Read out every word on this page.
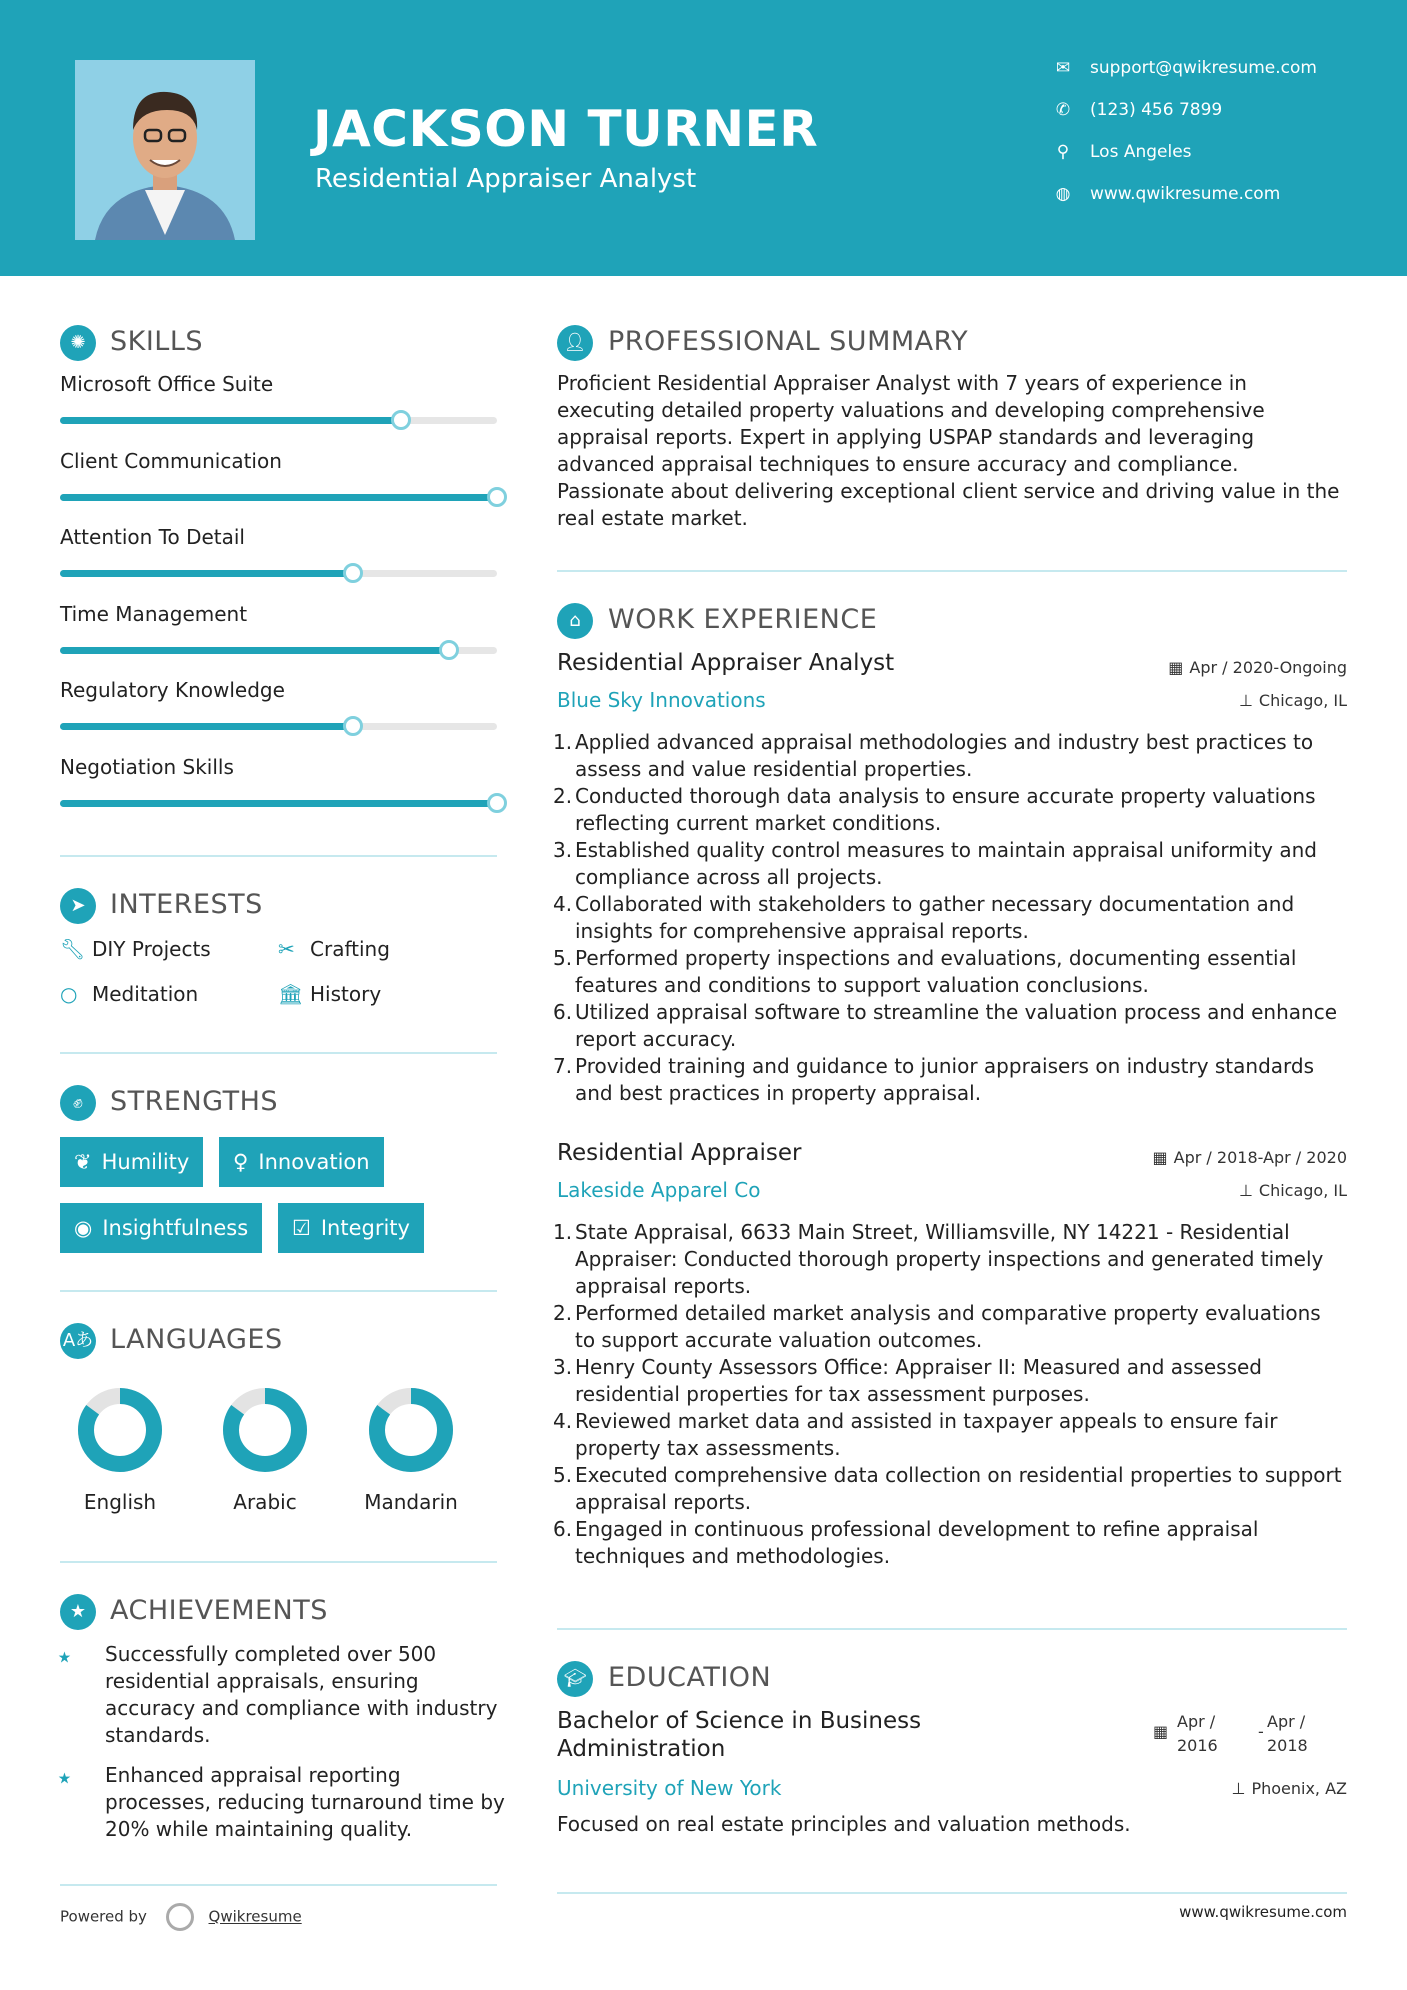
JACKSON TURNER
Residential Appraiser Analyst
✉ support@qwikresume.com
✆ (123) 456 7899
⚲ Los Angeles
◍ www.qwikresume.com
✺ SKILLS
Microsoft Office Suite
Client Communication
Attention To Detail
Time Management
Regulatory Knowledge
Negotiation Skills
➤ INTERESTS
🔧︎ DIY Projects	✂ Crafting
○ Meditation	🏛︎ History
✊︎	STRENGTHS
❦ Humility	♀ Innovation
◉ Insightfulness	☑ Integrity
Aあ LANGUAGES
English	Arabic	Mandarin
★ ACHIEVEMENTS
⭑ Successfully completed over 500 residential appraisals, ensuring accuracy and compliance with industry standards.
⭑ Enhanced appraisal reporting processes, reducing turnaround time by 20% while maintaining quality.
👤︎ PROFESSIONAL SUMMARY
Proficient Residential Appraiser Analyst with 7 years of experience in executing detailed property valuations and developing comprehensive appraisal reports. Expert in applying USPAP standards and leveraging advanced appraisal techniques to ensure accuracy and compliance. Passionate about delivering exceptional client service and driving value in the real estate market.
⌂	WORK EXPERIENCE
Residential Appraiser Analyst
Blue Sky Innovations
▦ Apr / 2020-Ongoing
⊥ Chicago, IL
1. Applied advanced appraisal methodologies and industry best practices to assess and value residential properties.
2. Conducted thorough data analysis to ensure accurate property valuations reflecting current market conditions.
3. Established quality control measures to maintain appraisal uniformity and compliance across all projects.
4. Collaborated with stakeholders to gather necessary documentation and insights for comprehensive appraisal reports.
5. Performed property inspections and evaluations, documenting essential features and conditions to support valuation conclusions.
6. Utilized appraisal software to streamline the valuation process and enhance report accuracy.
7. Provided training and guidance to junior appraisers on industry standards and best practices in property appraisal.
Residential Appraiser
Lakeside Apparel Co
▦ Apr / 2018-Apr / 2020
⊥ Chicago, IL
1. State Appraisal, 6633 Main Street, Williamsville, NY 14221 - Residential Appraiser: Conducted thorough property inspections and generated timely appraisal reports.
2. Performed detailed market analysis and comparative property evaluations to support accurate valuation outcomes.
3. Henry County Assessors Office: Appraiser II: Measured and assessed residential properties for tax assessment purposes.
4. Reviewed market data and assisted in taxpayer appeals to ensure fair property tax assessments.
5. Executed comprehensive data collection on residential properties to support appraisal reports.
6. Engaged in continuous professional development to refine appraisal techniques and methodologies.
🎓︎ EDUCATION
Bachelor of Science in Business
Administration
University of New York
▦
Apr / 2016
-
Apr / 2018
⊥ Phoenix, AZ
Focused on real estate principles and valuation methods.
Powered by	Qwikresume	www.qwikresume.com
